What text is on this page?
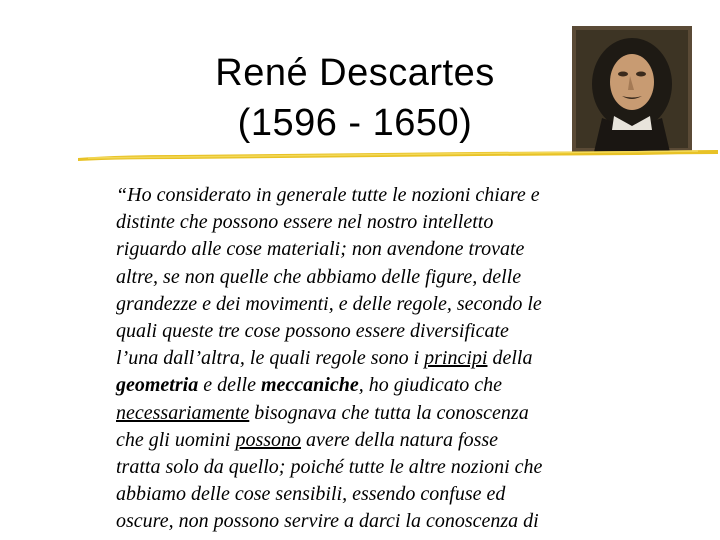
René Descartes
(1596 - 1650)
“Ho considerato in generale tutte le nozioni chiare e
distinte che possono essere nel nostro intelletto
riguardo alle cose materiali; non avendone trovate
altre, se non quelle che abbiamo delle figure, delle
grandezze e dei movimenti, e delle regole, secondo le
quali queste tre cose possono essere diversificate
l’una dall’altra, le quali regole sono i principi della
geometria e delle meccaniche, ho giudicato che
necessariamente bisognava che tutta la conoscenza
che gli uomini possono avere della natura fosse
tratta solo da quello; poiché tutte le altre nozioni che
abbiamo delle cose sensibili, essendo confuse ed
oscure, non possono servire a darci la conoscenza di
